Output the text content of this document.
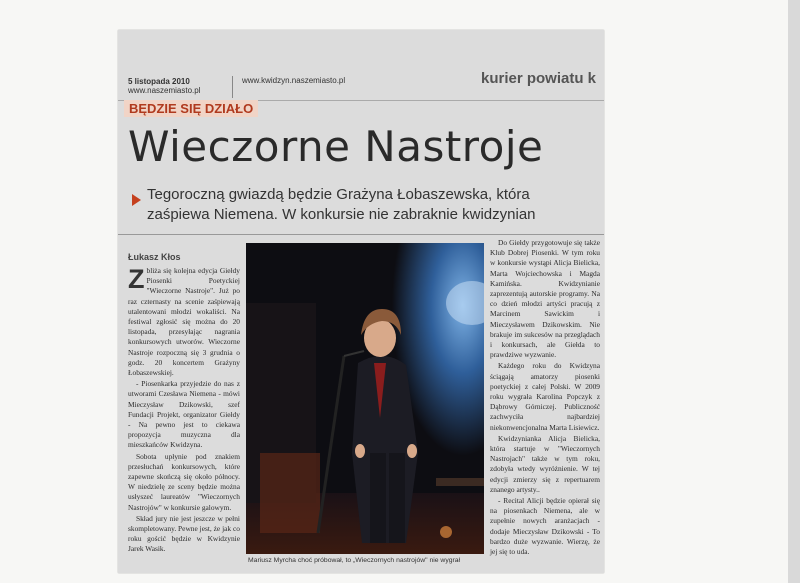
5 listopada 2010
www.naszemiasto.pl
www.kwidzyn.naszemiasto.pl	kurier powiatu k
BĘDZIE SIĘ DZIAŁO
Wieczorne Nastroje
Tegoroczną gwiazdą będzie Grażyna Łobaszewska, która
zaśpiewa Niemena. W konkursie nie zabraknie kwidzynian
Łukasz Kłos

Zbliża się kolejna edycja Giełdy Piosenki Poetyckiej "Wieczorne Nastroje". Już po raz czternasty na scenie zaśpiewają utalentowani młodzi wokaliści. Na festiwal zgłosić się można do 20 listopada, przesyłając nagrania konkursowych utworów. Wieczorne Nastroje rozpoczną się 3 grudnia o godz. 20 koncertem Grażyny Łobaszewskiej.

- Piosenkarka przyjedzie do nas z utworami Czesława Niemena - mówi Mieczysław Dzikowski, szef Fundacji Projekt, organizator Giełdy - Na pewno jest to ciekawa propozycja muzyczna dla mieszkańców Kwidzyna.

Sobota upłynie pod znakiem przesłuchań konkursowych, które zapewne skończą się około północy. W niedzielę ze sceny będzie można usłyszeć laureatów "Wieczornych Nastrojów" w konkursie galowym.

Skład jury nie jest jeszcze w pełni skompletowany. Pewne jest, że jak co roku gościć będzie w Kwidzynie Jarek Wasik.

Mariusz Myrcha choć próbował, to „Wieczornych nastrojów" nie wygrał

Do Giełdy przygotowuje się także Klub Dobrej Piosenki. W tym roku w konkursie wystąpi Alicja Bielicka, Marta Wojciechowska i Magda Kamińska. Kwidzynianie zaprezentują autorskie programy. Na co dzień młodzi artyści pracują z Marcinem Sawickim i Mieczysławem Dzikowskim. Nie brakuje im sukcesów na przeglądach i konkursach, ale Giełda to prawdziwe wyzwanie.

Każdego roku do Kwidzyna ściągają amatorzy piosenki poetyckiej z całej Polski. W 2009 roku wygrała Karolina Popczyk z Dąbrowy Górniczej. Publiczność zachwyciła najbardziej niekonwencjonalna Marta Lisiewicz.

Kwidzynianka Alicja Bielicka, która startuje w "Wieczornych Nastrojach" także w tym roku, zdobyła wtedy wyróżnienie. W tej edycji zmierzy się z repertuarem znanego artysty..

- Recital Alicji będzie opierał się na piosenkach Niemena, ale w zupełnie nowych aranżacjach - dodaje Mieczysław Dzikowski - To bardzo duże wyzwanie. Wierzę, że jej się to uda.
